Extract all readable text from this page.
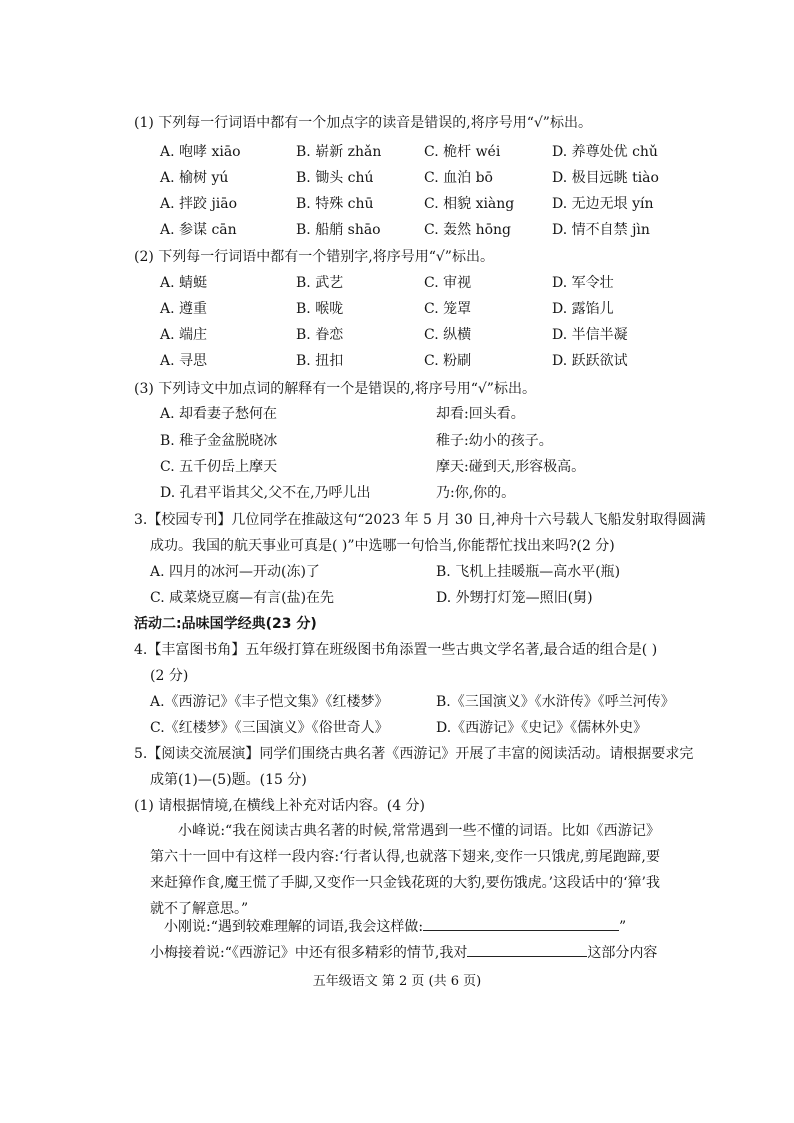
(1) 下列每一行词语中都有一个加点字的读音是错误的,将序号用“√”标出。
A. 咆哮 xiāo	B. 崭新 zhǎn	C. 桅杆 wéi	D. 养尊处优 chǔ
A. 榆树 yú	B. 锄头 chú	C. 血泊 bō	D. 极目远眺 tiào
A. 拌跤 jiāo	B. 特殊 chū	C. 相貌 xiàng	D. 无边无垠 yín
A. 参谋 cān	B. 船艄 shāo	C. 轰然 hōng	D. 情不自禁 jìn
(2) 下列每一行词语中都有一个错别字,将序号用“√”标出。
A. 蜻蜓	B. 武艺	C. 审视	D. 军令壮
A. 遵重	B. 喉咙	C. 笼罩	D. 露馅儿
A. 端庄	B. 眷恋	C. 纵横	D. 半信半凝
A. 寻思	B. 扭扣	C. 粉刷	D. 跃跃欲试
(3) 下列诗文中加点词的解释有一个是错误的,将序号用“√”标出。
A. 却看妻子愁何在	却看:回头看。
B. 稚子金盆脱晓冰	稚子:幼小的孩子。
C. 五千仞岳上摩天	摩天:碰到天,形容极高。
D. 孔君平诣其父,父不在,乃呼儿出	乃:你,你的。
3.【校园专刊】几位同学在推敲这句“2023 年 5 月 30 日,神舟十六号载人飞船发射取得圆满
成功。我国的航天事业可真是( )”中选哪一句恰当,你能帮忙找出来吗?(2 分)
A. 四月的冰河—开动(冻)了	B. 飞机上挂暖瓶—高水平(瓶)
C. 咸菜烧豆腐—有言(盐)在先	D. 外甥打灯笼—照旧(舅)
活动二:品味国学经典(23 分)
4.【丰富图书角】五年级打算在班级图书角添置一些古典文学名著,最合适的组合是( )
(2 分)
A.《西游记》《丰子恺文集》《红楼梦》	B.《三国演义》《水浒传》《呼兰河传》
C.《红楼梦》《三国演义》《俗世奇人》	D.《西游记》《史记》《儒林外史》
5.【阅读交流展演】同学们围绕古典名著《西游记》开展了丰富的阅读活动。请根据要求完
成第(1)—(5)题。(15 分)
(1) 请根据情境,在横线上补充对话内容。(4 分)
小峰说:“我在阅读古典名著的时候,常常遇到一些不懂的词语。比如《西游记》第六十一回中有这样一段内容:‘行者认得,也就落下翅来,变作一只饿虎,剪尾跑蹄,要来赶獐作食,魔王慌了手脚,又变作一只金钱花斑的大豹,要伤饿虎。’这段话中的‘獐’我就不了解意思。”
小刚说:“遇到较难理解的词语,我会这样做:	”
小梅接着说:“《西游记》中还有很多精彩的情节,我对	这部分内容
五年级语文 第 2 页 (共 6 页)
